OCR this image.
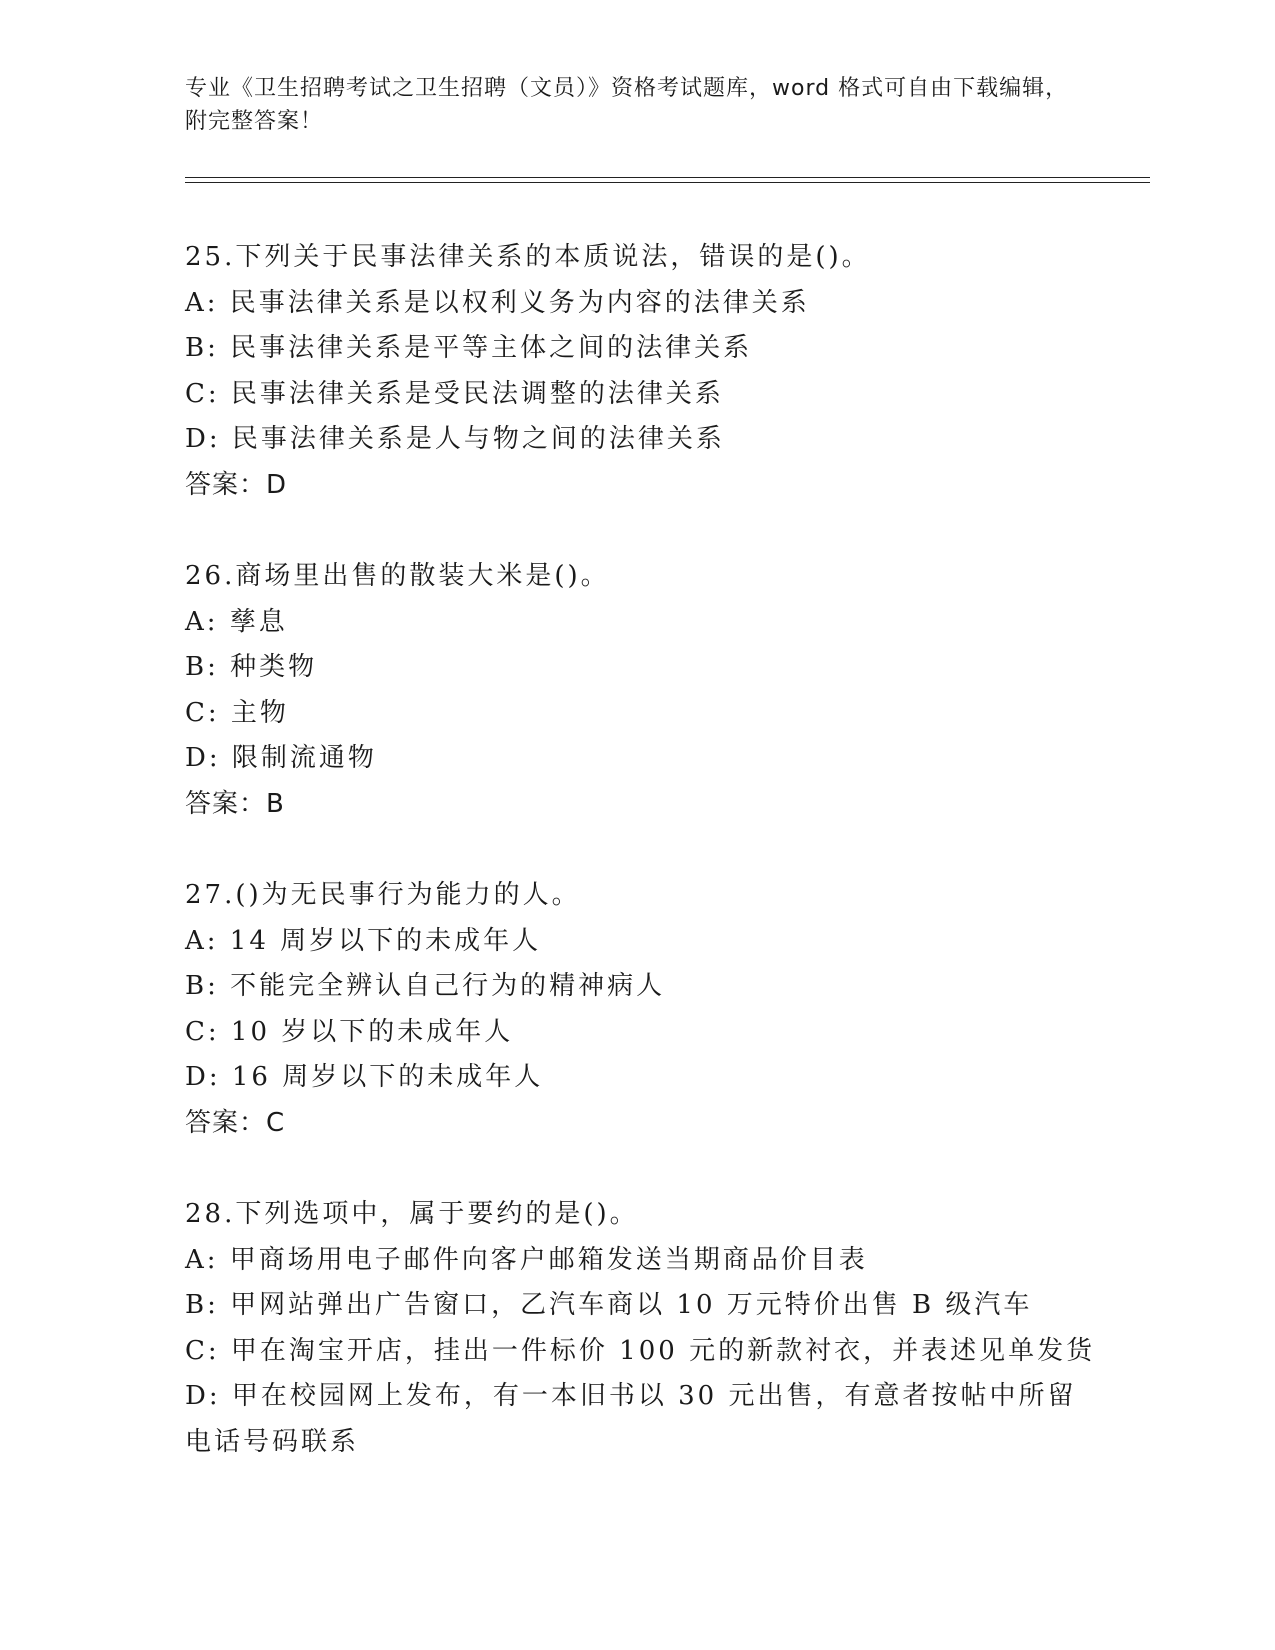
专业《卫生招聘考试之卫生招聘（文员）》资格考试题库，word 格式可自由下载编辑，附完整答案！
25.下列关于民事法律关系的本质说法，错误的是()。
A: 民事法律关系是以权利义务为内容的法律关系
B: 民事法律关系是平等主体之间的法律关系
C: 民事法律关系是受民法调整的法律关系
D: 民事法律关系是人与物之间的法律关系
答案：D
26.商场里出售的散装大米是()。
A: 孳息
B: 种类物
C: 主物
D: 限制流通物
答案：B
27.()为无民事行为能力的人。
A: 14 周岁以下的未成年人
B: 不能完全辨认自己行为的精神病人
C: 10 岁以下的未成年人
D: 16 周岁以下的未成年人
答案：C
28.下列选项中，属于要约的是()。
A: 甲商场用电子邮件向客户邮箱发送当期商品价目表
B: 甲网站弹出广告窗口，乙汽车商以 10 万元特价出售 B 级汽车
C: 甲在淘宝开店，挂出一件标价 100 元的新款衬衣，并表述见单发货
D: 甲在校园网上发布，有一本旧书以 30 元出售，有意者按帖中所留电话号码联系
